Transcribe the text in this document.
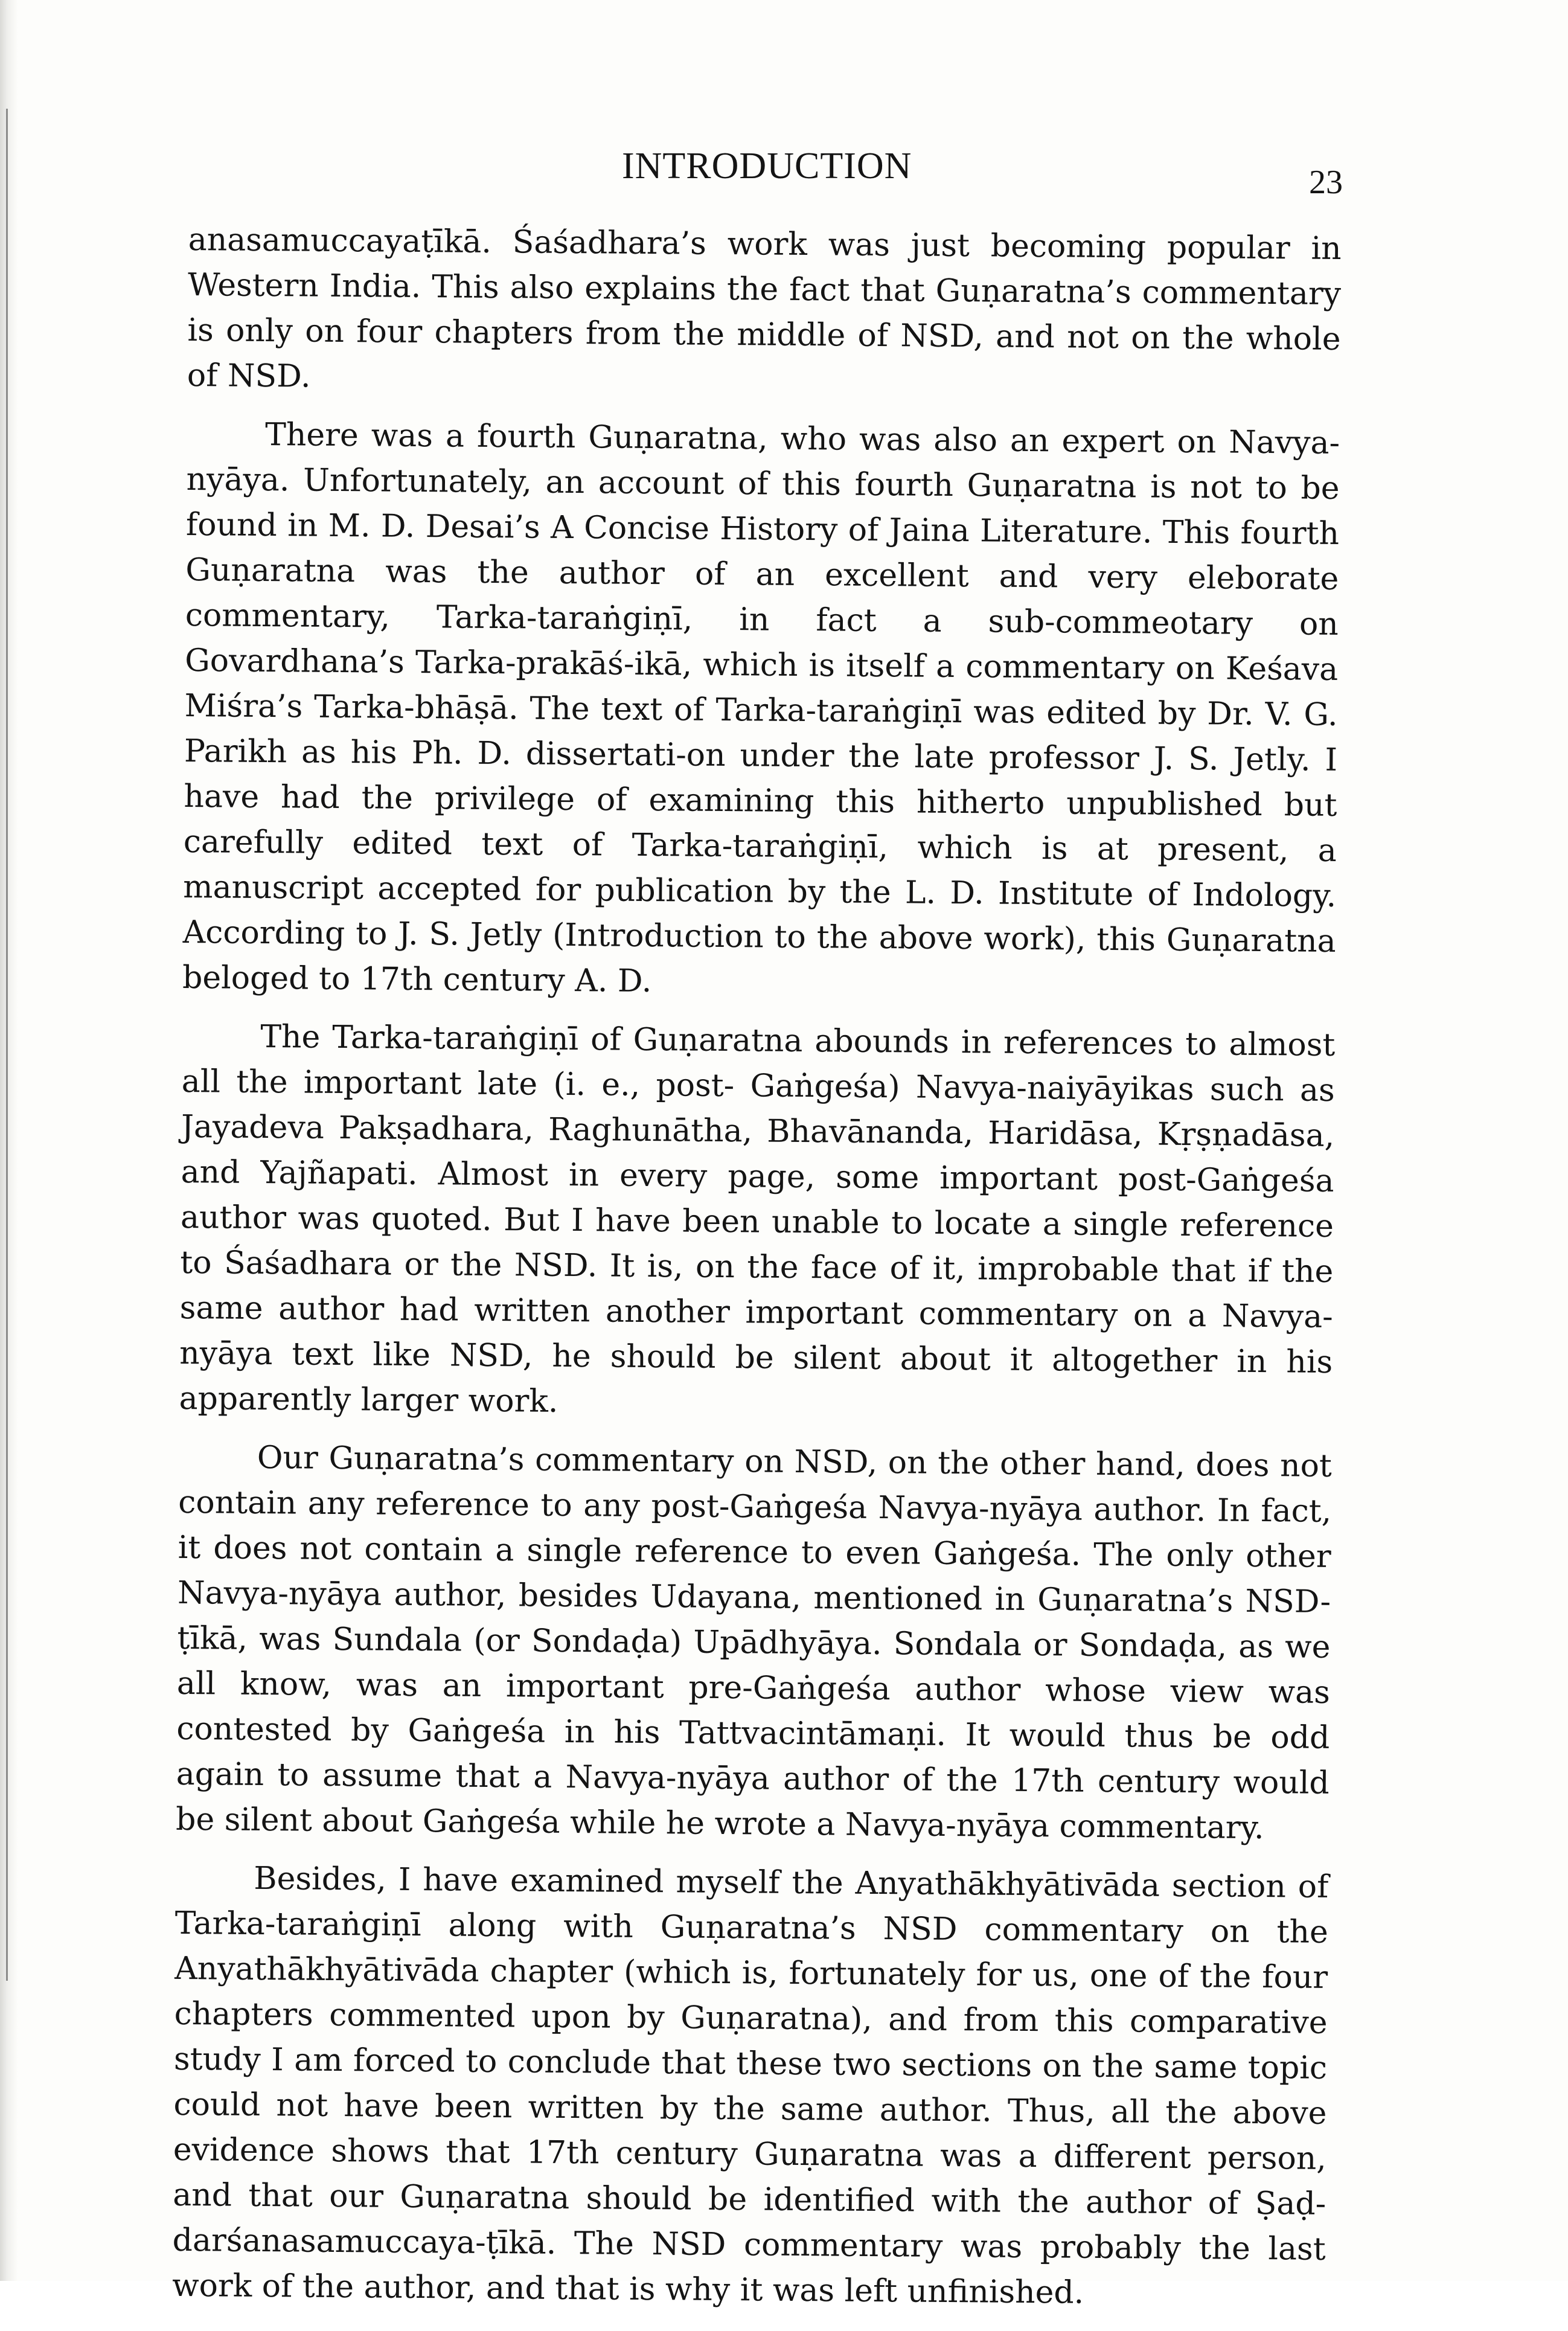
INTRODUCTION	23

anasamuccayaṭīkā. Śaśadhara’s work was just becoming popular in Western India. This also explains the fact that Guṇaratna’s commentary is only on four chapters from the middle of NSD, and not on the whole of NSD.

There was a fourth Guṇaratna, who was also an expert on Navya-nyāya. Unfortunately, an account of this fourth Guṇaratna is not to be found in M. D. Desai’s A Concise History of Jaina Literature. This fourth Guṇaratna was the author of an excellent and very eleborate commentary, Tarka-taraṅgiṇī, in fact a sub-commeotary on Govardhana’s Tarka-prakāś-ikā, which is itself a commentary on Keśava Miśra’s Tarka-bhāṣā. The text of Tarka-taraṅgiṇī was edited by Dr. V. G. Parikh as his Ph. D. dissertati-on under the late professor J. S. Jetly. I have had the privilege of examining this hitherto unpublished but carefully edited text of Tarka-taraṅgiṇī, which is at present, a manuscript accepted for publication by the L. D. Institute of Indology. According to J. S. Jetly (Introduction to the above work), this Guṇaratna beloged to 17th century A. D.

The Tarka-taraṅgiṇī of Guṇaratna abounds in references to almost all the important late (i. e., post- Gaṅgeśa) Navya-naiyāyikas such as Jayadeva Pakṣadhara, Raghunātha, Bhavānanda, Haridāsa, Kṛṣṇadāsa, and Yajñapati. Almost in every page, some important post-Gaṅgeśa author was quoted. But I have been unable to locate a single reference to Śaśadhara or the NSD. It is, on the face of it, improbable that if the same author had written another important commentary on a Navya-nyāya text like NSD, he should be silent about it altogether in his apparently larger work.

Our Guṇaratna’s commentary on NSD, on the other hand, does not contain any reference to any post-Gaṅgeśa Navya-nyāya author. In fact, it does not contain a single reference to even Gaṅgeśa. The only other Navya-nyāya author, besides Udayana, mentioned in Guṇaratna’s NSD-ṭīkā, was Sundala (or Sondaḍa) Upādhyāya. Sondala or Sondaḍa, as we all know, was an important pre-Gaṅgeśa author whose view was contested by Gaṅgeśa in his Tattvacintāmaṇi. It would thus be odd again to assume that a Navya-nyāya author of the 17th century would be silent about Gaṅgeśa while he wrote a Navya-nyāya commentary.

Besides, I have examined myself the Anyathākhyātivāda section of Tarka-taraṅgiṇī along with Guṇaratna’s NSD commentary on the Anyathākhyātivāda chapter (which is, fortunately for us, one of the four chapters commented upon by Guṇaratna), and from this comparative study I am forced to conclude that these two sections on the same topic could not have been written by the same author. Thus, all the above evidence shows that 17th century Guṇaratna was a different person, and that our Guṇaratna should be identified with the author of Ṣaḍ-darśanasamuccaya-ṭīkā. The NSD commentary was probably the last work of the author, and that is why it was left unfinished.
